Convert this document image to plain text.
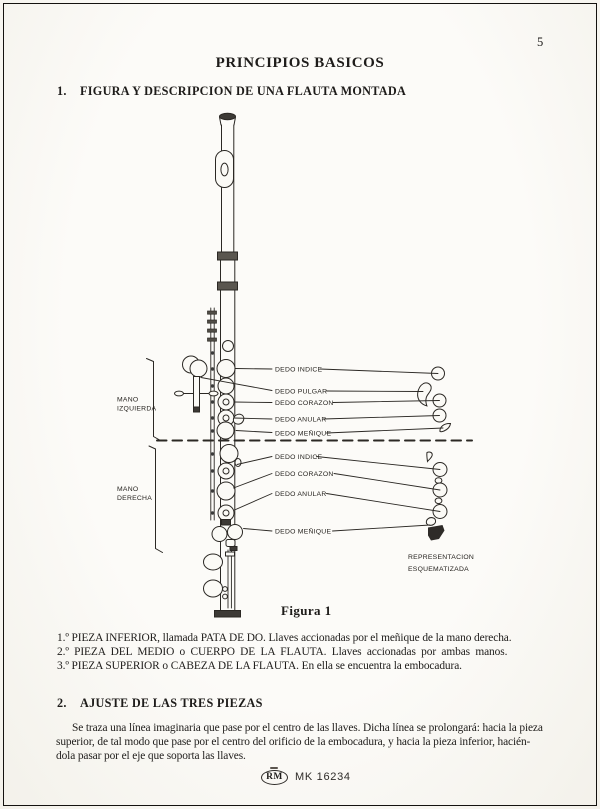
5
PRINCIPIOS BASICOS
1. FIGURA Y DESCRIPCION DE UNA FLAUTA MONTADA
DEDO INDICE
DEDO PULGAR
DEDO CORAZON
DEDO ANULAR
DEDO MEÑIQUE
DEDO INDICE
DEDO CORAZON
DEDO ANULAR
DEDO MEÑIQUE
MANO
IZQUIERDA
MANO
DERECHA
REPRESENTACION
ESQUEMATIZADA
Figura 1
1.º PIEZA INFERIOR, llamada PATA DE DO. Llaves accionadas por el meñique de la mano derecha.
2.º PIEZA DEL MEDIO o CUERPO DE LA FLAUTA. Llaves accionadas por ambas manos.
3.º PIEZA SUPERIOR o CABEZA DE LA FLAUTA. En ella se encuentra la embocadura.
2. AJUSTE DE LAS TRES PIEZAS
Se traza una línea imaginaria que pase por el centro de las llaves. Dicha línea se prolongará: hacia la pieza
superior, de tal modo que pase por el centro del orificio de la embocadura, y hacia la pieza inferior, hacién-
dola pasar por el eje que soporta las llaves.
RM MK 16234
